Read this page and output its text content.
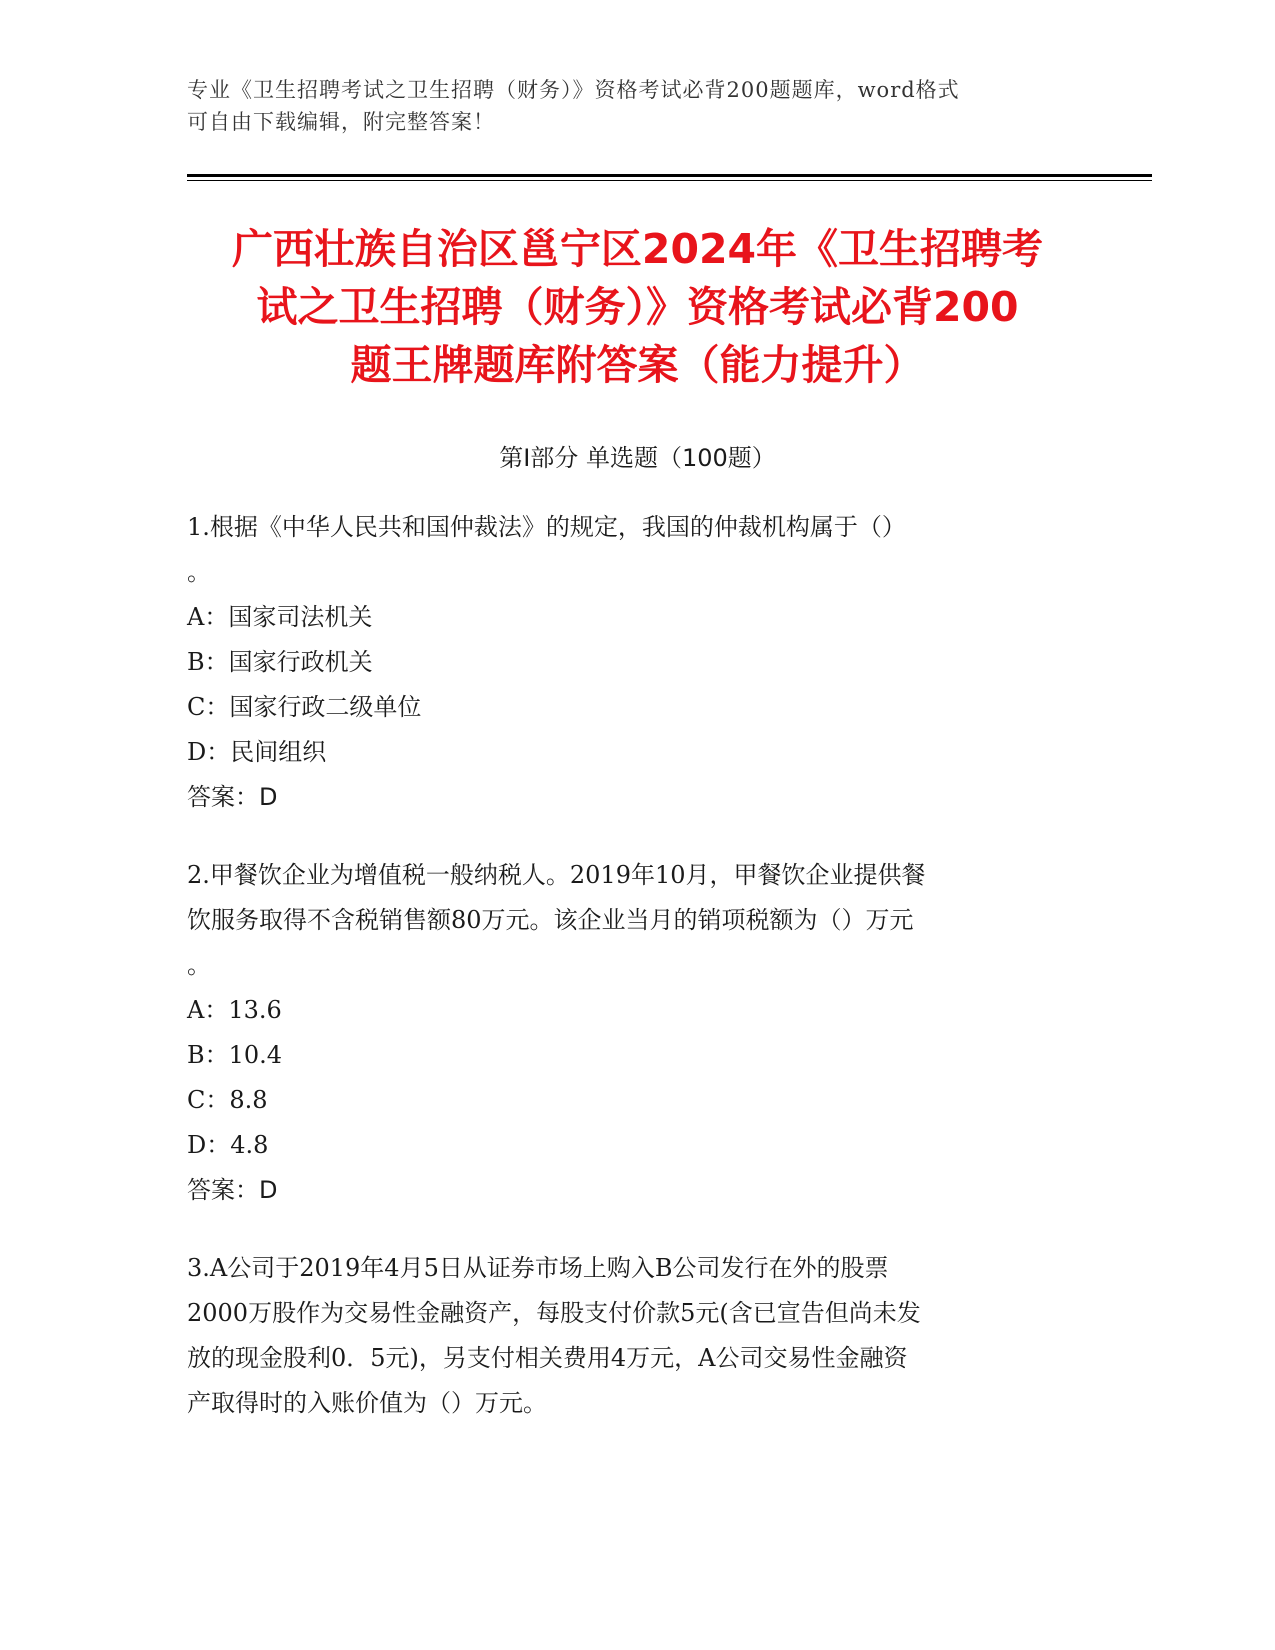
专业《卫生招聘考试之卫生招聘（财务）》资格考试必背200题题库，word格式
可自由下载编辑，附完整答案！
广西壮族自治区邕宁区2024年《卫生招聘考
试之卫生招聘（财务）》资格考试必背200
题王牌题库附答案（能力提升）
第Ⅰ部分 单选题（100题）

1.根据《中华人民共和国仲裁法》的规定，我国的仲裁机构属于（）

。

A：国家司法机关

B：国家行政机关

C：国家行政二级单位

D：民间组织

答案：D

2.甲餐饮企业为增值税一般纳税人。2019年10月，甲餐饮企业提供餐

饮服务取得不含税销售额80万元。该企业当月的销项税额为（）万元

。

A：13.6

B：10.4

C：8.8

D：4.8

答案：D

3.A公司于2019年4月5日从证券市场上购入B公司发行在外的股票

2000万股作为交易性金融资产，每股支付价款5元(含已宣告但尚未发

放的现金股利0．5元)，另支付相关费用4万元，A公司交易性金融资

产取得时的入账价值为（）万元。
